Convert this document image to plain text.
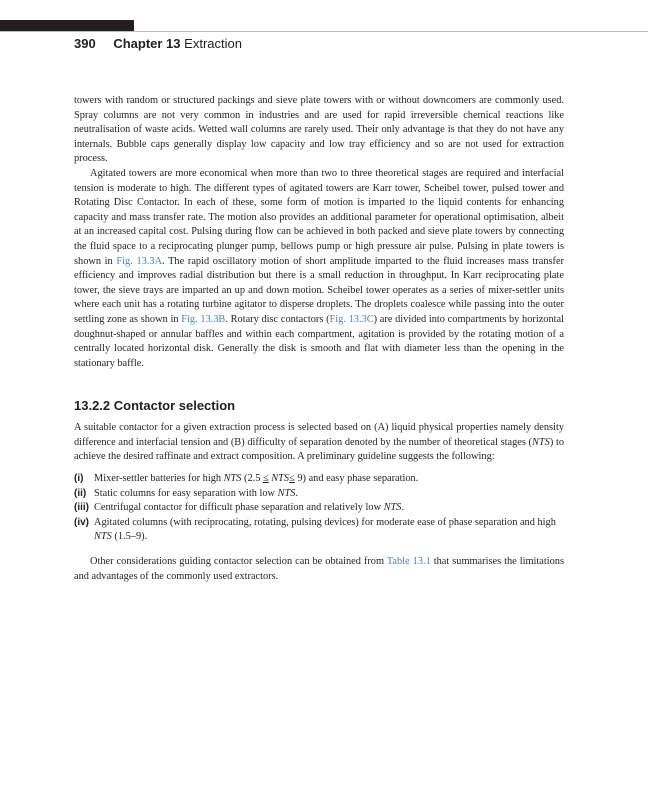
390 Chapter 13 Extraction

towers with random or structured packings and sieve plate towers with or without downcomers are commonly used. Spray columns are not very common in industries and are used for rapid irreversible chemical reactions like neutralisation of waste acids. Wetted wall columns are rarely used. Their only advantage is that they do not have any internals. Bubble caps generally display low capacity and low tray efficiency and so are not used for extraction process.

Agitated towers are more economical when more than two to three theoretical stages are required and interfacial tension is moderate to high. The different types of agitated towers are Karr tower, Scheibel tower, pulsed tower and Rotating Disc Contactor. In each of these, some form of motion is imparted to the liquid contents for enhancing capacity and mass transfer rate. The motion also provides an additional parameter for operational optimisation, albeit at an increased capital cost. Pulsing during flow can be achieved in both packed and sieve plate towers by connecting the fluid space to a reciprocating plunger pump, bellows pump or high pressure air pulse. Pulsing in plate towers is shown in Fig. 13.3A. The rapid oscillatory motion of short amplitude imparted to the fluid increases mass transfer efficiency and improves radial distribution but there is a small reduction in throughput. In Karr reciprocating plate tower, the sieve trays are imparted an up and down motion. Scheibel tower operates as a series of mixer-settler units where each unit has a rotating turbine agitator to disperse droplets. The droplets coalesce while passing into the outer settling zone as shown in Fig. 13.3B. Rotary disc contactors (Fig. 13.3C) are divided into compartments by horizontal doughnut-shaped or annular baffles and within each compartment, agitation is provided by the rotating motion of a centrally located horizontal disk. Generally the disk is smooth and flat with diameter less than the opening in the stationary baffle.

13.2.2 Contactor selection

A suitable contactor for a given extraction process is selected based on (A) liquid physical properties namely density difference and interfacial tension and (B) difficulty of separation denoted by the number of theoretical stages (NTS) to achieve the desired raffinate and extract composition. A preliminary guideline suggests the following:

(i)	Mixer-settler batteries for high NTS (2.5 ≤ NTS≤ 9) and easy phase separation.
(ii) Static columns for easy separation with low NTS.
(iii) Centrifugal contactor for difficult phase separation and relatively low NTS.
(iv) Agitated columns (with reciprocating, rotating, pulsing devices) for moderate ease of phase separation and high NTS (1.5–9).

Other considerations guiding contactor selection can be obtained from Table 13.1 that summarises the limitations and advantages of the commonly used extractors.
